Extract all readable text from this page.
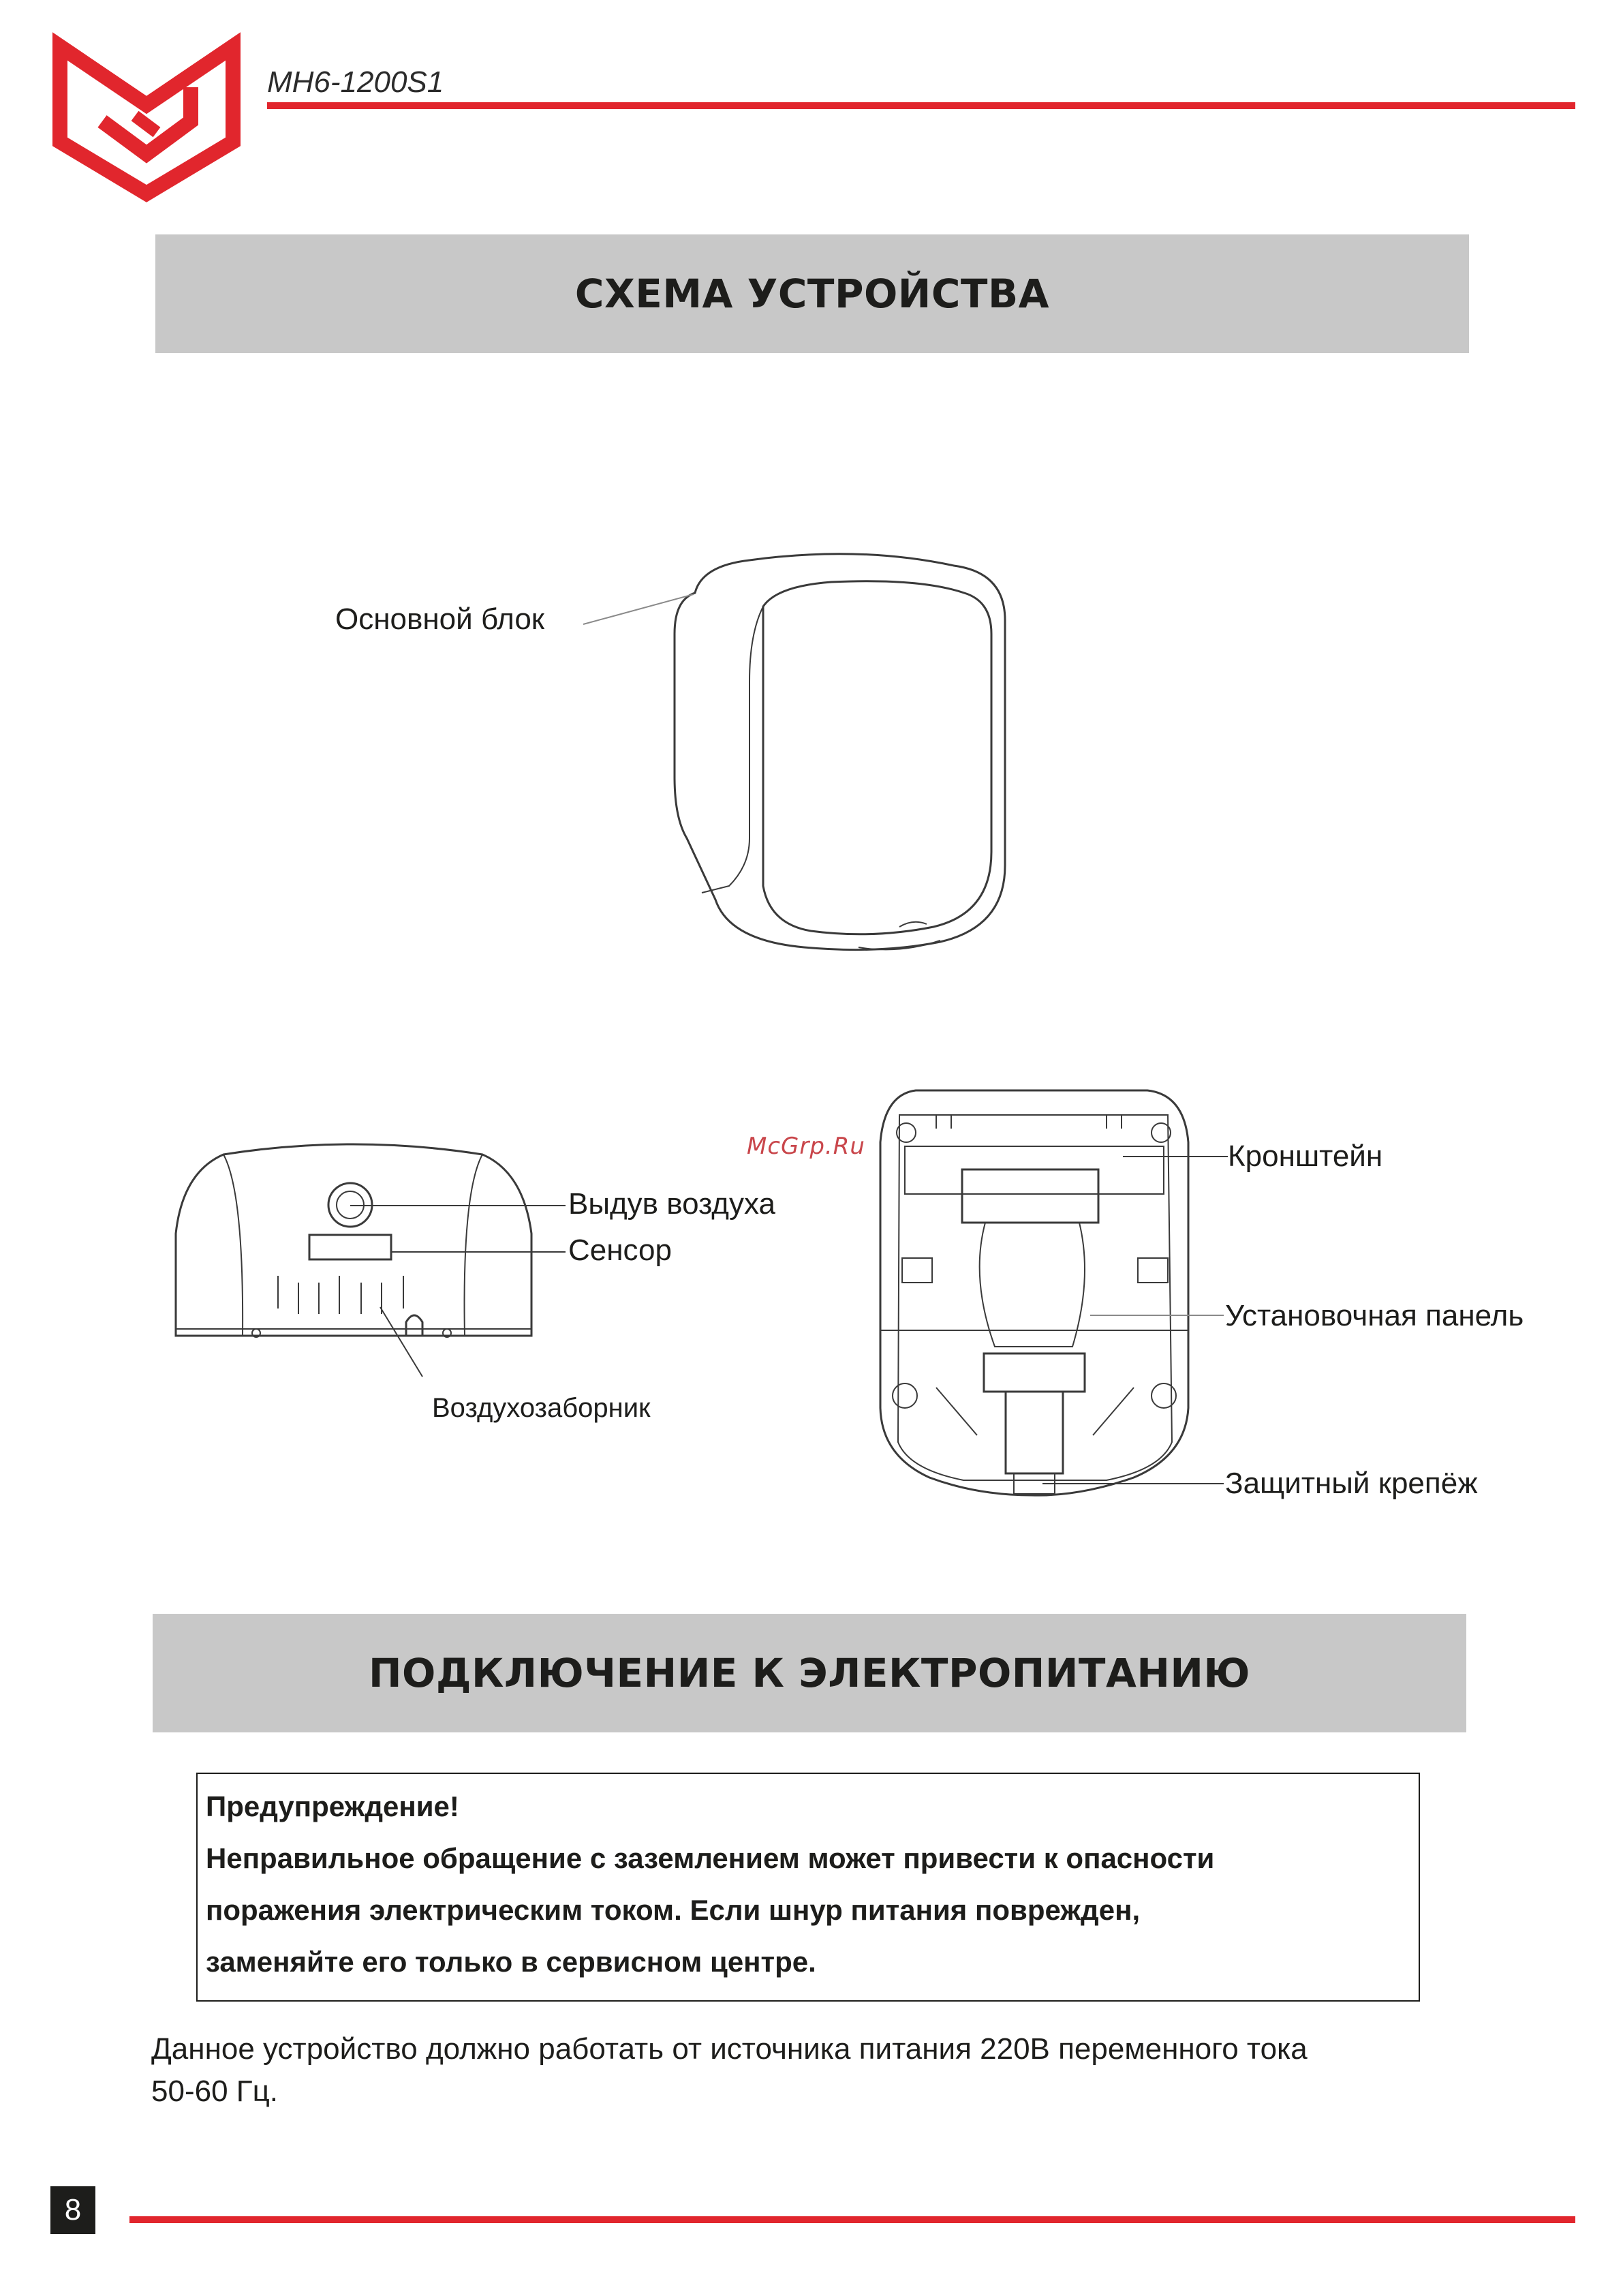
MH6-1200S1
СХЕМА УСТРОЙСТВА
Основной блок
Выдув воздуха
Сенсор
Воздухозаборник
McGrp.Ru	Кронштейн
Установочная панель
Защитный крепёж
ПОДКЛЮЧЕНИЕ К ЭЛЕКТРОПИТАНИЮ

Предупреждение!

Неправильное обращение с заземлением может привести к опасности

поражения электрическим током. Если шнур питания поврежден,

заменяйте его только в сервисном центре.

Данное устройство должно работать от источника питания 220В переменного тока
50-60 Гц.
8
